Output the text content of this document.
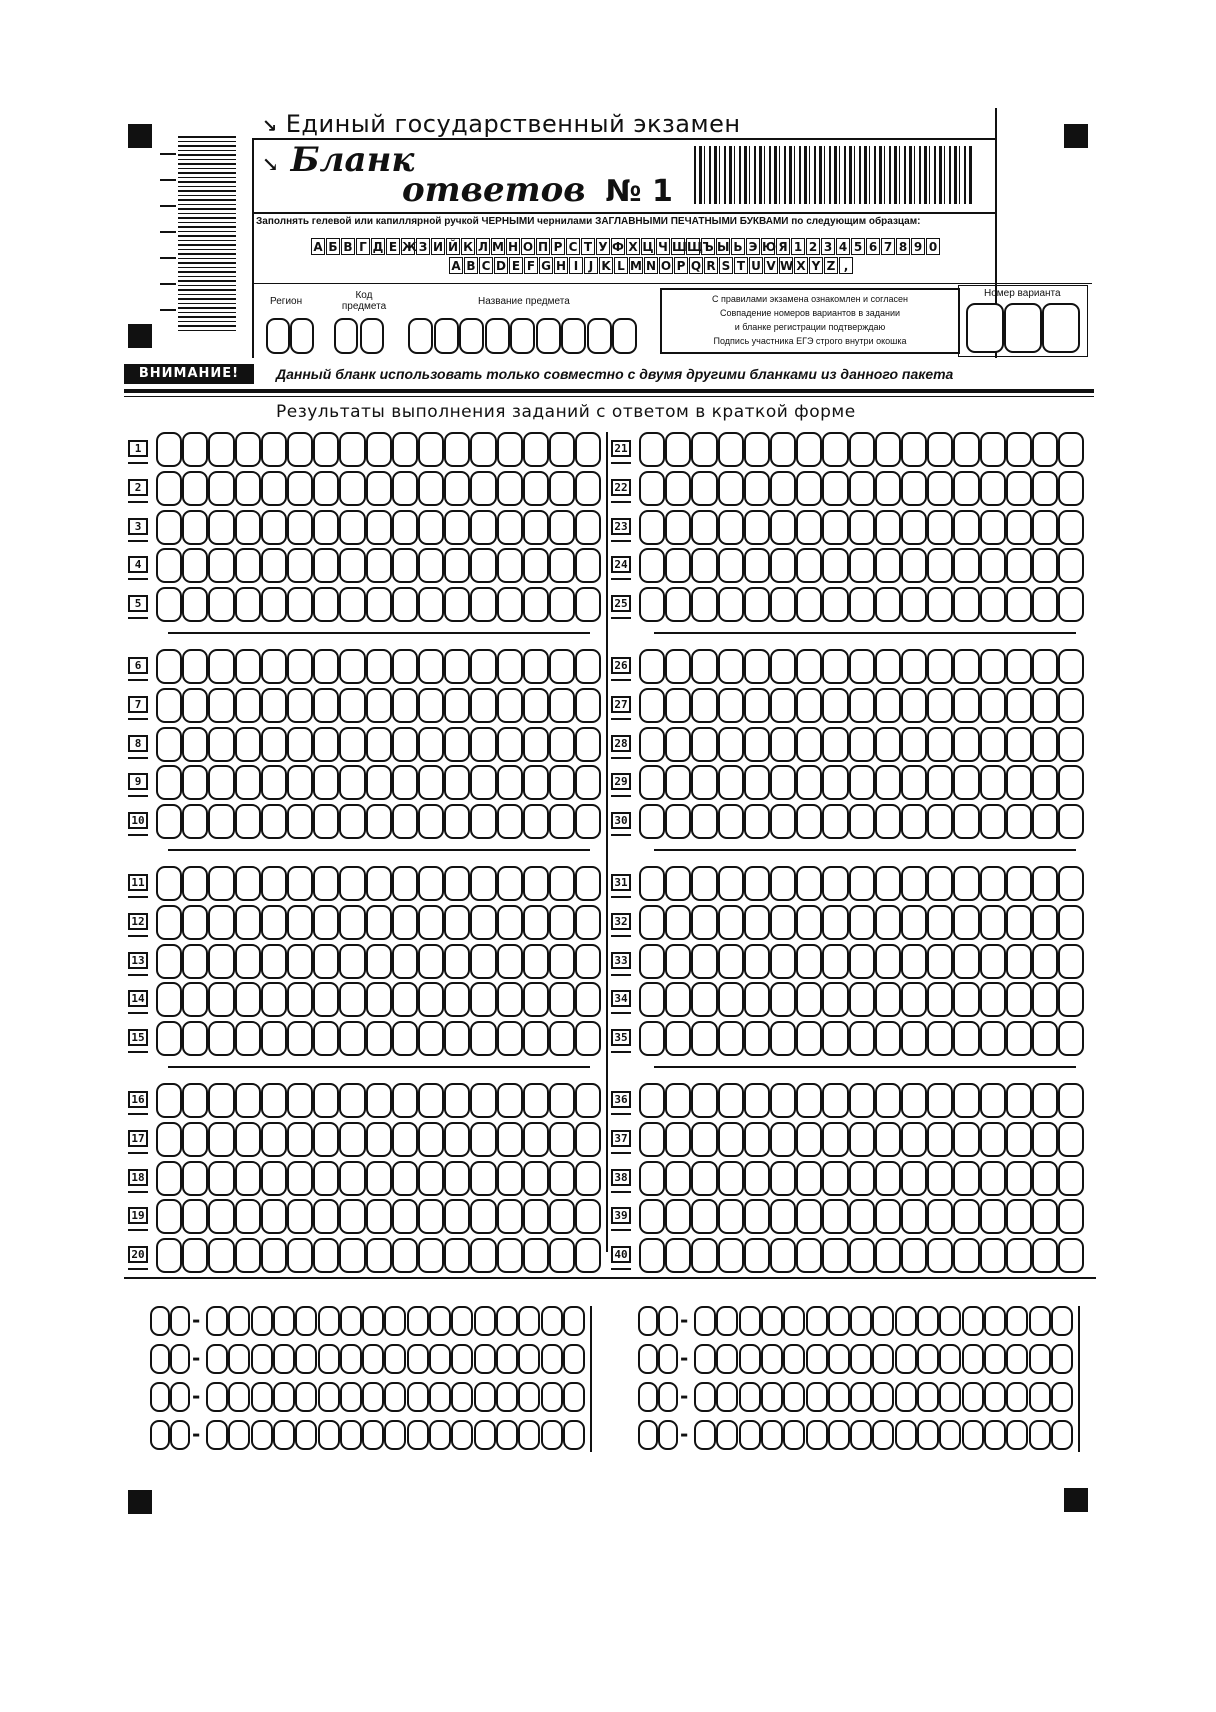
↘ Единый государственный экзамен
↘ Бланк
ответов № 1
Заполнять гелевой или капиллярной ручкой ЧЕРНЫМИ чернилами ЗАГЛАВНЫМИ ПЕЧАТНЫМИ БУКВАМИ по следующим образцам:
А Б В Г Д Е Ж З И Й К Л М Н О П Р С Т У Ф Х Ц Ч Ш Щ Ъ Ы Ь Э Ю Я 1 2 3 4 5 6 7 8 9 0
A B C D E F G H I J K L M N O P Q R S T U V W X Y Z ,
Регион
Код предмета	Название предмета	С правилами экзамена ознакомлен и согласен
Совпадение номеров вариантов в задании
и бланке регистрации подтверждаю
Подпись участника ЕГЭ строго внутри окошка
Номер варианта
ВНИМАНИЕ!	Данный бланк использовать только совместно с двумя другими бланками из данного пакета
Результаты выполнения заданий с ответом в краткой форме
1
2
3
4
5
6
7
8
9
10
11
12
13
14
15
16
17
18
19
20
21
22
23
24
25
26
27
28
29
30
31
32
33
34
35
36
37
38
39
40
-
-
-
-
-
-
-
-
